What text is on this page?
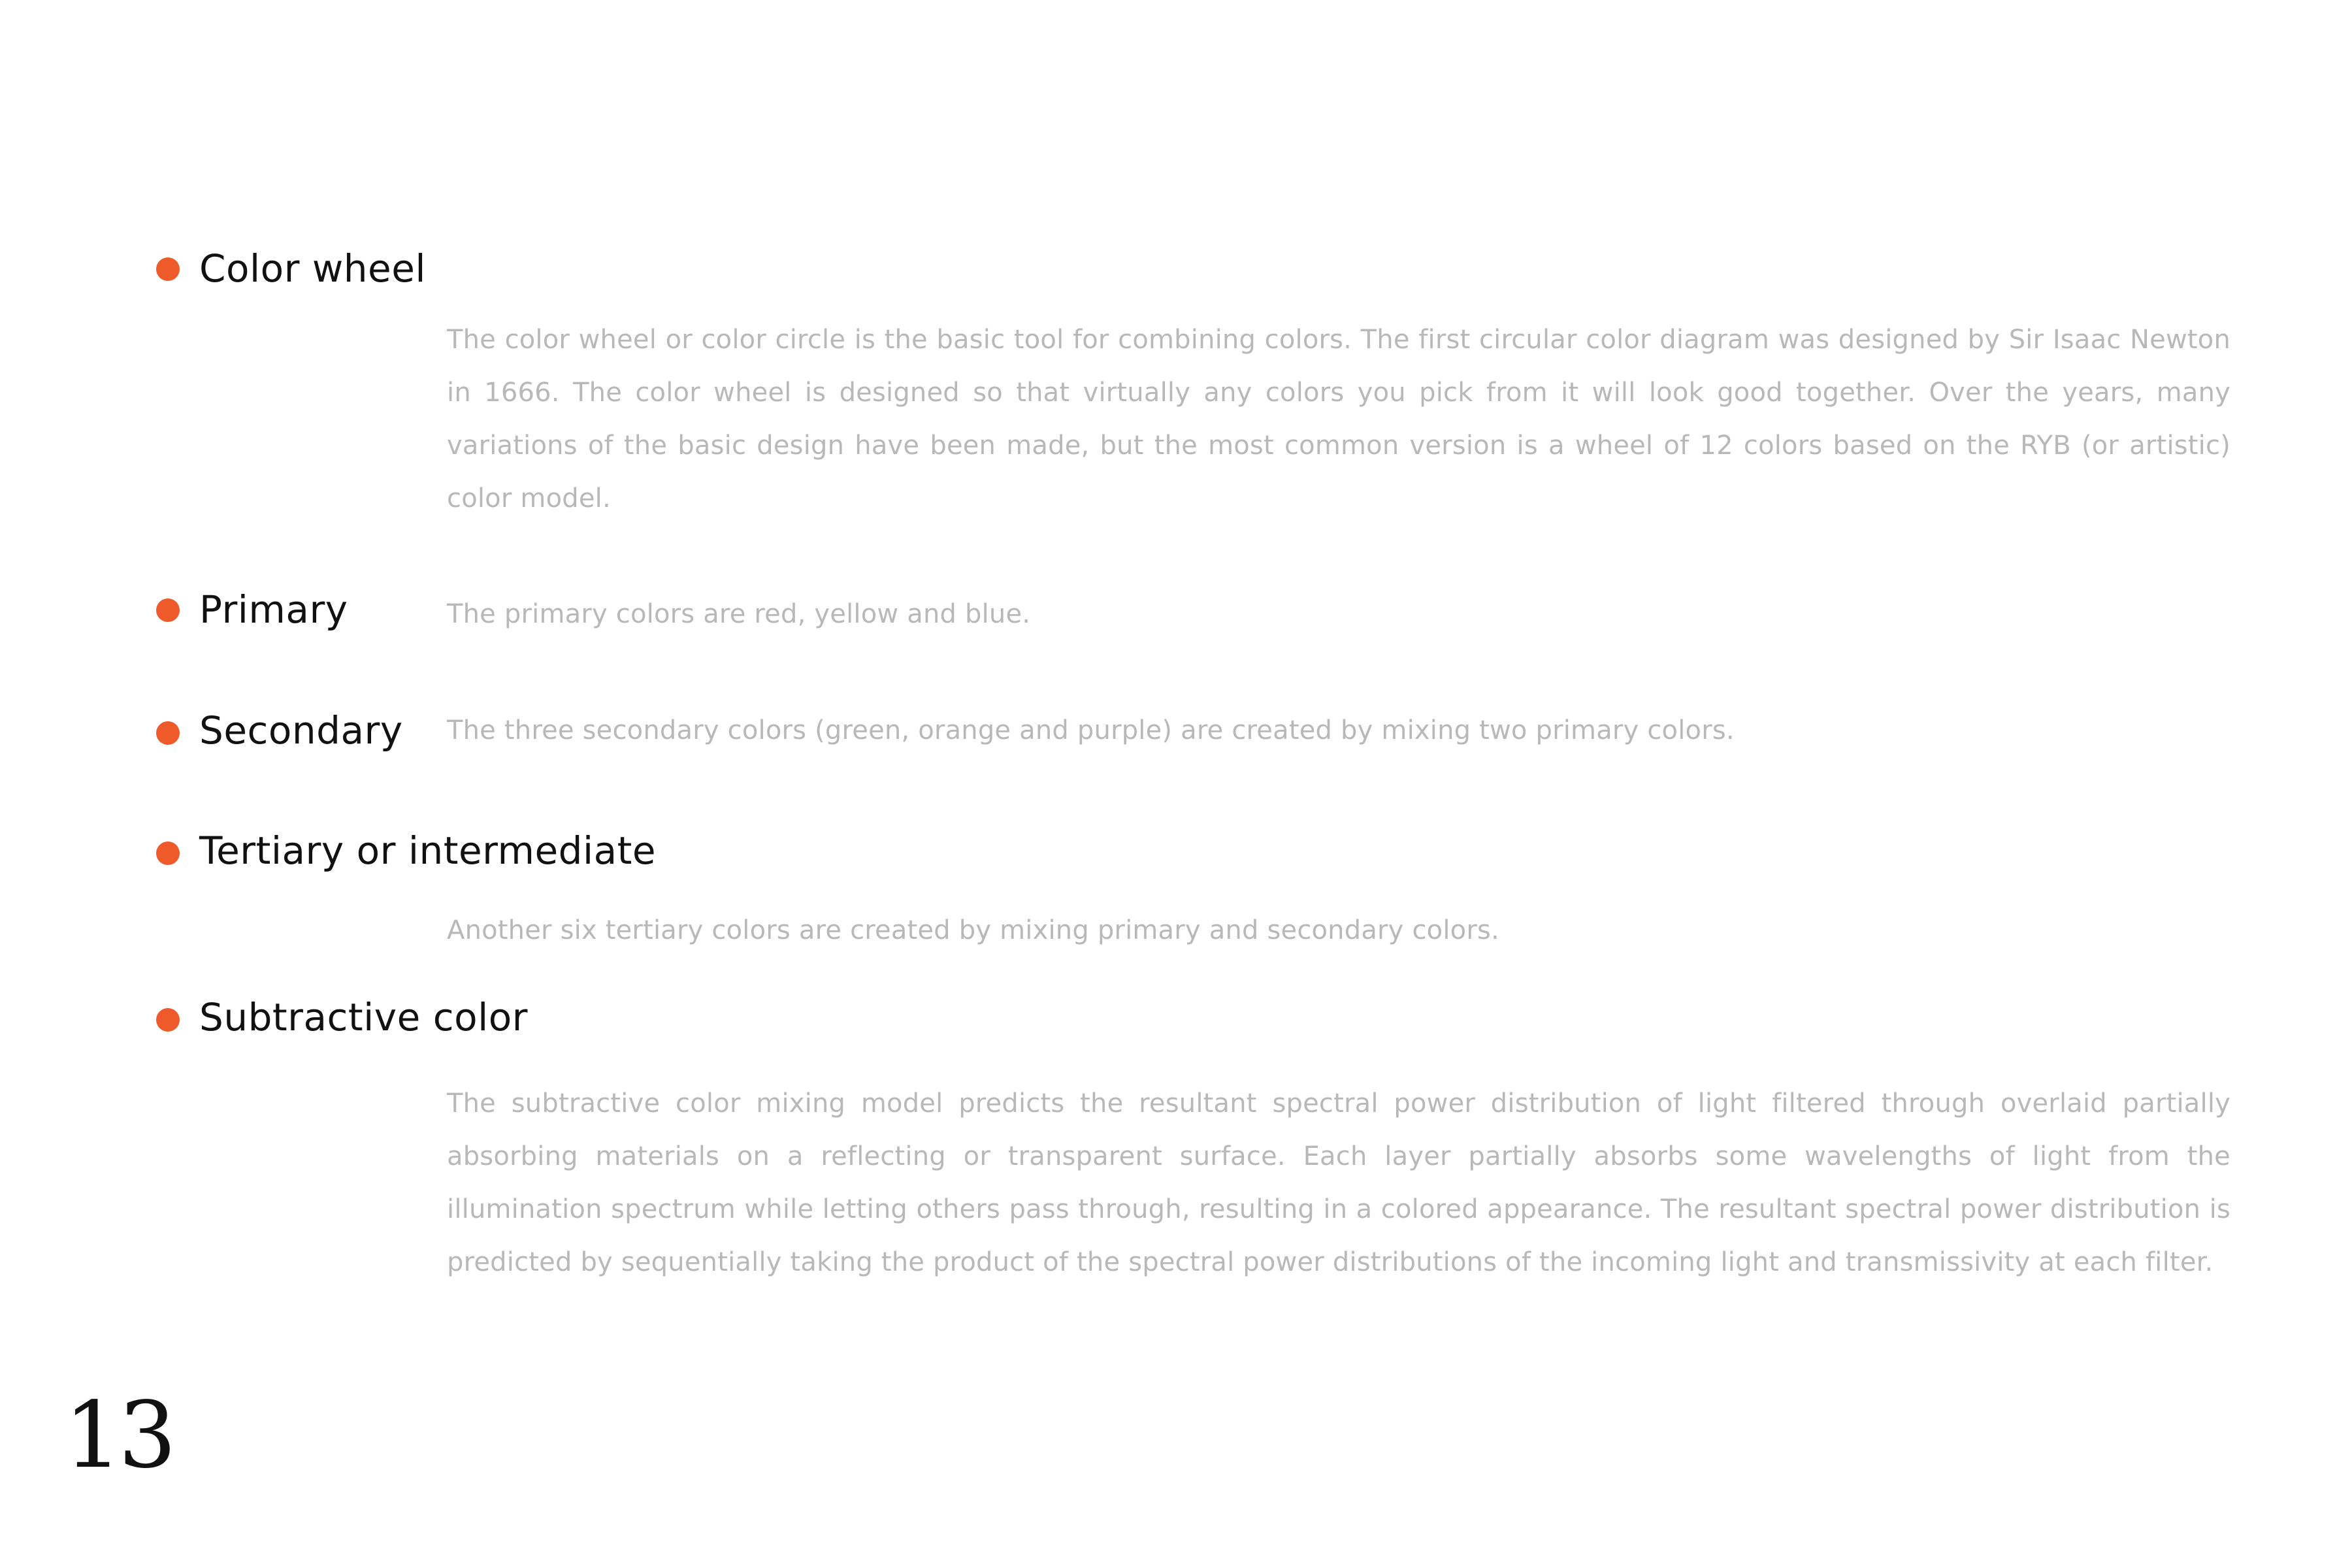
Color wheel
The color wheel or color circle is the basic tool for combining colors. The first circular color diagram was designed by Sir Isaac Newton in 1666. The color wheel is designed so that virtually any colors you pick from it will look good together. Over the years, many variations of the basic design have been made, but the most common version is a wheel of 12 colors based on the RYB (or artistic) color model.
Primary	The primary colors are red, yellow and blue.
Secondary The three secondary colors (green, orange and purple) are created by mixing two primary colors.
Tertiary or intermediate
Another six tertiary colors are created by mixing primary and secondary colors.
Subtractive color
The subtractive color mixing model predicts the resultant spectral power distribution of light filtered through overlaid partially absorbing materials on a reflecting or transparent surface. Each layer partially absorbs some wavelengths of light from the illumination spectrum while letting others pass through, resulting in a colored appearance. The resultant spectral power distribution is predicted by sequentially taking the product of the spectral power distributions of the incoming light and transmissivity at each filter.
13
